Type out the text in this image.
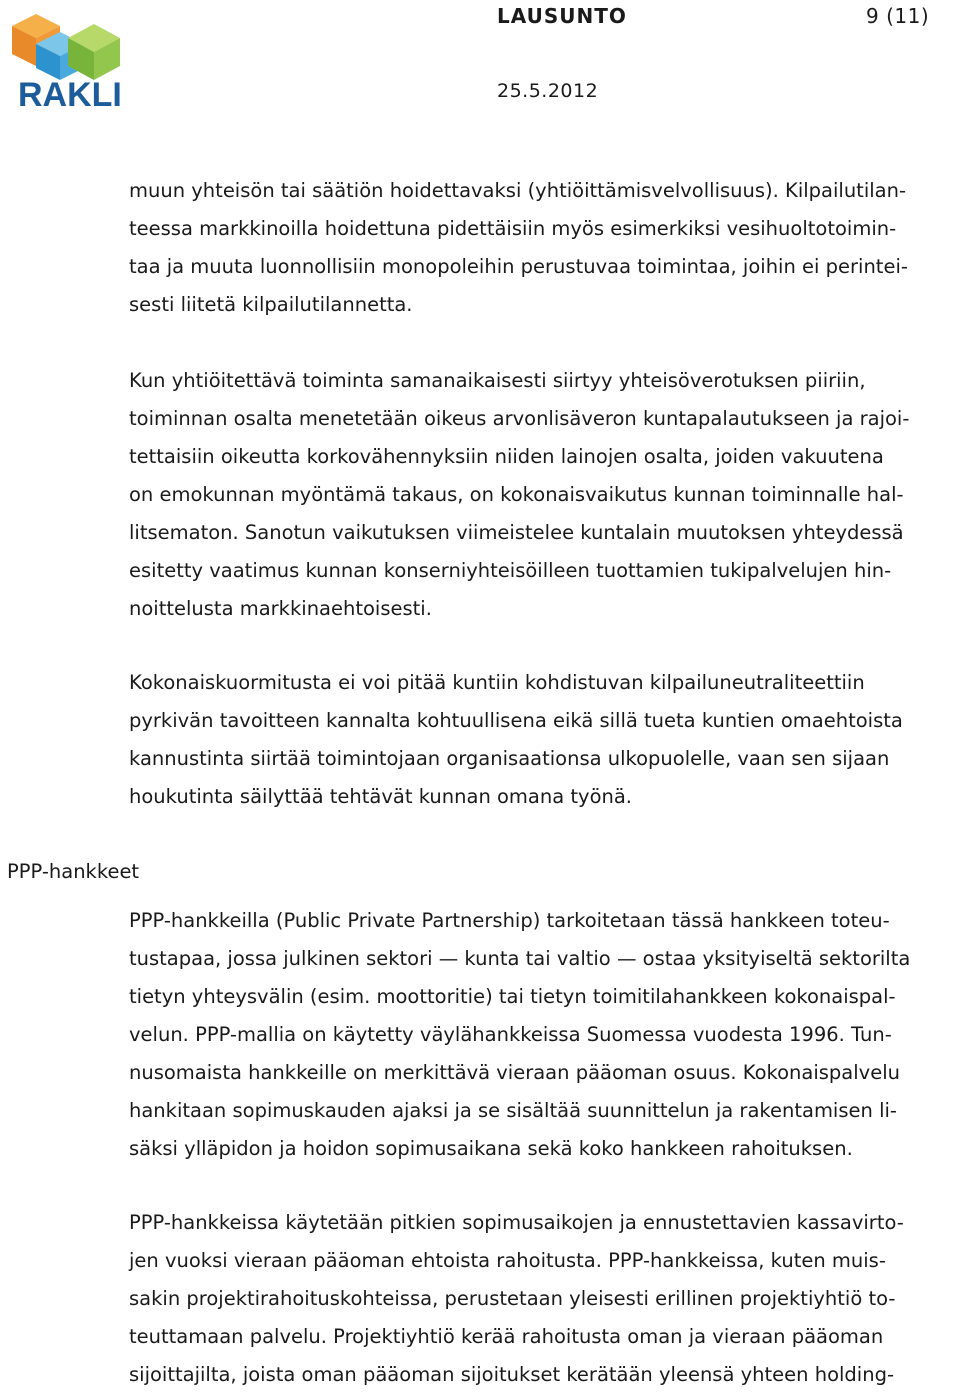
RAKLI
LAUSUNTO	9 (11)
25.5.2012
muun yhteisön tai säätiön hoidettavaksi (yhtiöittämisvelvollisuus). Kilpailutilan-
teessa markkinoilla hoidettuna pidettäisiin myös esimerkiksi vesihuoltotoimin-
taa ja muuta luonnollisiin monopoleihin perustuvaa toimintaa, joihin ei perintei-
sesti liitetä kilpailutilannetta.
Kun yhtiöitettävä toiminta samanaikaisesti siirtyy yhteisöverotuksen piiriin,
toiminnan osalta menetetään oikeus arvonlisäveron kuntapalautukseen ja rajoi-
tettaisiin oikeutta korkovähennyksiin niiden lainojen osalta, joiden vakuutena
on emokunnan myöntämä takaus, on kokonaisvaikutus kunnan toiminnalle hal-
litsematon. Sanotun vaikutuksen viimeistelee kuntalain muutoksen yhteydessä
esitetty vaatimus kunnan konserniyhteisöilleen tuottamien tukipalvelujen hin-
noittelusta markkinaehtoisesti.
Kokonaiskuormitusta ei voi pitää kuntiin kohdistuvan kilpailuneutraliteettiin
pyrkivän tavoitteen kannalta kohtuullisena eikä sillä tueta kuntien omaehtoista
kannustinta siirtää toimintojaan organisaationsa ulkopuolelle, vaan sen sijaan
houkutinta säilyttää tehtävät kunnan omana työnä.
PPP-hankkeet
PPP-hankkeilla (Public Private Partnership) tarkoitetaan tässä hankkeen toteu-
tustapaa, jossa julkinen sektori — kunta tai valtio — ostaa yksityiseltä sektorilta
tietyn yhteysvälin (esim. moottoritie) tai tietyn toimitilahankkeen kokonaispal-
velun. PPP-mallia on käytetty väylähankkeissa Suomessa vuodesta 1996. Tun-
nusomaista hankkeille on merkittävä vieraan pääoman osuus. Kokonaispalvelu
hankitaan sopimuskauden ajaksi ja se sisältää suunnittelun ja rakentamisen li-
säksi ylläpidon ja hoidon sopimusaikana sekä koko hankkeen rahoituksen.
PPP-hankkeissa käytetään pitkien sopimusaikojen ja ennustettavien kassavirto-
jen vuoksi vieraan pääoman ehtoista rahoitusta. PPP-hankkeissa, kuten muis-
sakin projektirahoituskohteissa, perustetaan yleisesti erillinen projektiyhtiö to-
teuttamaan palvelu. Projektiyhtiö kerää rahoitusta oman ja vieraan pääoman
sijoittajilta, joista oman pääoman sijoitukset kerätään yleensä yhteen holding-
